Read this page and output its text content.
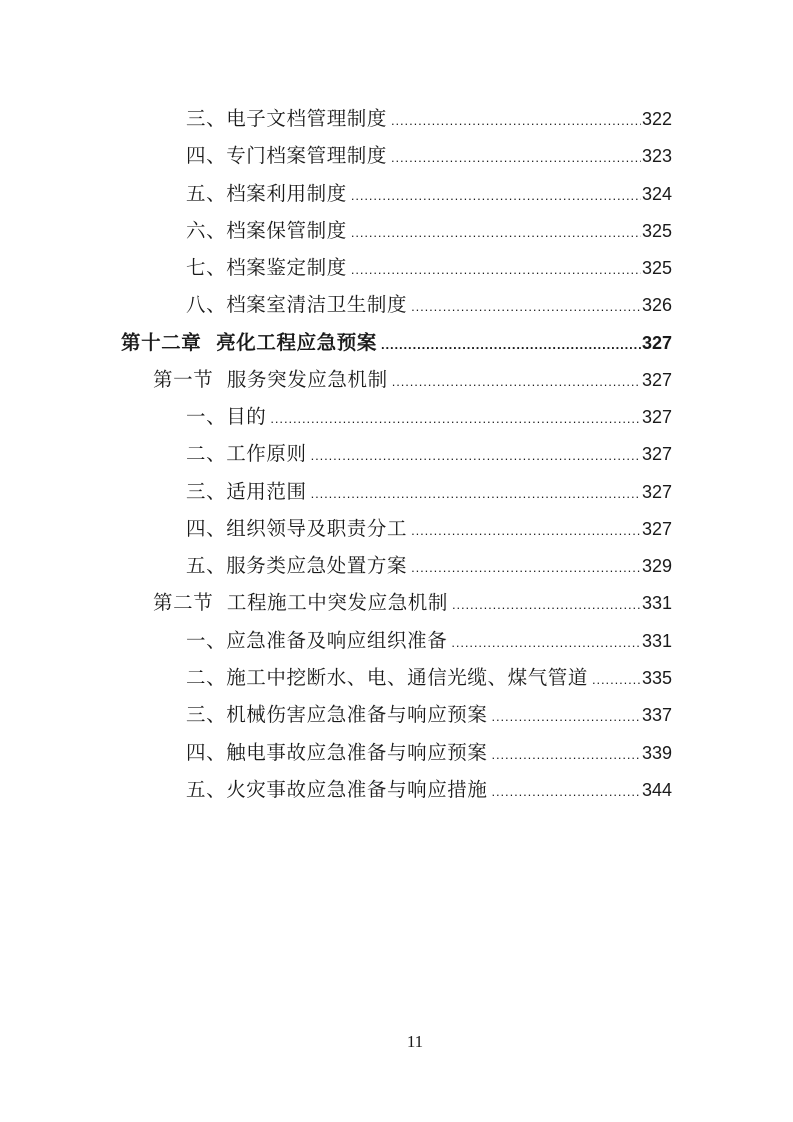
三、电子文档管理制度 .....	322
四、专门档案管理制度 .....	323
五、档案利用制度 .....	324
六、档案保管制度 .....	325
七、档案鉴定制度 .....	325
八、档案室清洁卫生制度 .....	326
第十二章  亮化工程应急预案 .....	327
第一节  服务突发应急机制 .....	327
一、目的 .....	327
二、工作原则 .....	327
三、适用范围 .....	327
四、组织领导及职责分工 .....	327
五、服务类应急处置方案 .....	329
第二节  工程施工中突发应急机制 .....	331
一、应急准备及响应组织准备 .....	331
二、施工中挖断水、电、通信光缆、煤气管道 .....	335
三、机械伤害应急准备与响应预案 .....	337
四、触电事故应急准备与响应预案 .....	339
五、火灾事故应急准备与响应措施 .....	344
11
